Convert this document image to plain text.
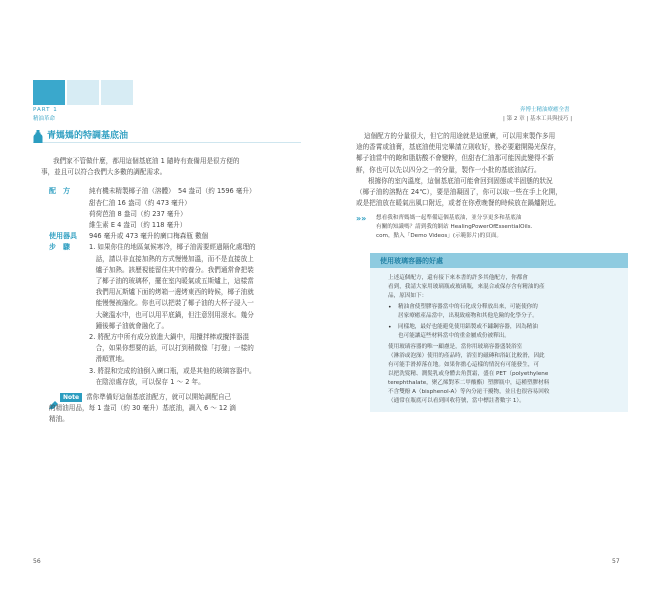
PART 1
精油革命
奔博士精油療癒全書
| 第 2 章 | 基本工具與技巧 |
青媽媽的特調基底油
我們家不管做什麼，都用這個基底油 1 隨時有查備用是很方便的
事，並且可以符合我們大多數的調配需求。
配　方	純有機未精製椰子油（溶體）　54 盎司（約 1596 毫升）
甜杏仁油 16 盎司（約 473 毫升）
荷荷芭油 8 盎司（約 237 毫升）
維生素 E 4 盎司（約 118 毫升）
使用器具	946 毫升或 473 毫升的廣口梅森瓶 數個
步　驟	1. 如果你住的地區氣候寒冷，椰子油需要經過隔化處理的
　話，請以非直接加熱的方式慢慢加溫，而不是直接放上
　爐子加熱。該歷視能留住其中的養分。我們通常會把裝
　了椰子油的玻璃杯，擺在室內暖氣或五斯爐上，這樣當
　我們用瓦斯爐下面的烤箱一邊烤東西的時候，椰子油就
　能慢慢被融化。你也可以把裝了椰子油的大杯子浸入一
　大碗溫水中，也可以用平底鍋，但注意別用滾水。幾分
　鐘後椰子油就會融化了。
2. 將配方中所有成分放進大鍋中，用攪拌棒或攪拌器混
　合，如果你想要的話，可以打到稍微像「打發」一樣的
　滑順質地。
3. 將混和完成的油倒入廣口瓶，或是其他的玻璃容器中。
　在陰涼處存放，可以保存 1 ～ 2 年。
Note	當你準備好這個基底油配方，就可以開始調配自己
的精油用品，每 1 盎司（約 30 毫升）基底油，調入 6 ～ 12 滴
精油。
56
這個配方的分量很大，但它的用途就是這麼廣，可以用來製作多用
途的香霄或油膏，基底油使用完畢請立則收好，務必要避開陽光保存，
椰子油當中的飽和脂肪酸不會變粹，但甜杏仁油那可能因此變得不新
鮮，你也可以先以四分之一的分量，製作一小批的基底油試行。
根據你的室內溫度，這個基底油可能會回到固態或半固態的狀況
（椰子油的溶點在 24℃），要是油凝固了，你可以取一些在手上化開，
或是把油放在暖氣出風口附近，或者在你煮晚餐的時候放在鍋爐附近。
»»	想看我和齊媽媽一起準備這個基底油，並分享更多和基底油
有關的知識嗎？請到我的網站 HealingPowerOfEssentialOils.
com，點入「Demo Videos」(示範影片)的頁面。
使用玻璃容器的好處
上述這個配方，還有接下來本書的許多其他配方，你都會
看到，我請大家用玻璃瓶或玻璃瓶，來混合或保存含有精油的產
品，原因如下：
•	精油會使塑膠容器當中的石化成分釋放出來，可能使你的
居家療癒產品當中，出現致癌物和其他危險的化學分子。
•	同樣地，最好也能避免使用鋁製或不鏽鋼容器，因為精油
也可能讓這些材料當中的重金屬成份被釋出。
使用玻璃容器的唯一顧慮是，當你用玻璃容器盛裝浴室
（淋浴或泡澡）使用的產品時，浴室的磁磚和浴缸比較滑，因此
有可能手滑掉落在地。如果你擔心這樣的情況有可能發生，可
以把洗髮精、潤髮乳或身體去角質霜，盛在 PET（polyethylene
terephthalate，聚乙烯對苯二甲酸酯）塑膠瓶中，這種塑膠材料
不含雙酚 A（bisphenol-A）等內分泌干擾物，並且也很容易回收
（通常在瓶底可以看到回收符號，當中標註著數字 1）。
57
